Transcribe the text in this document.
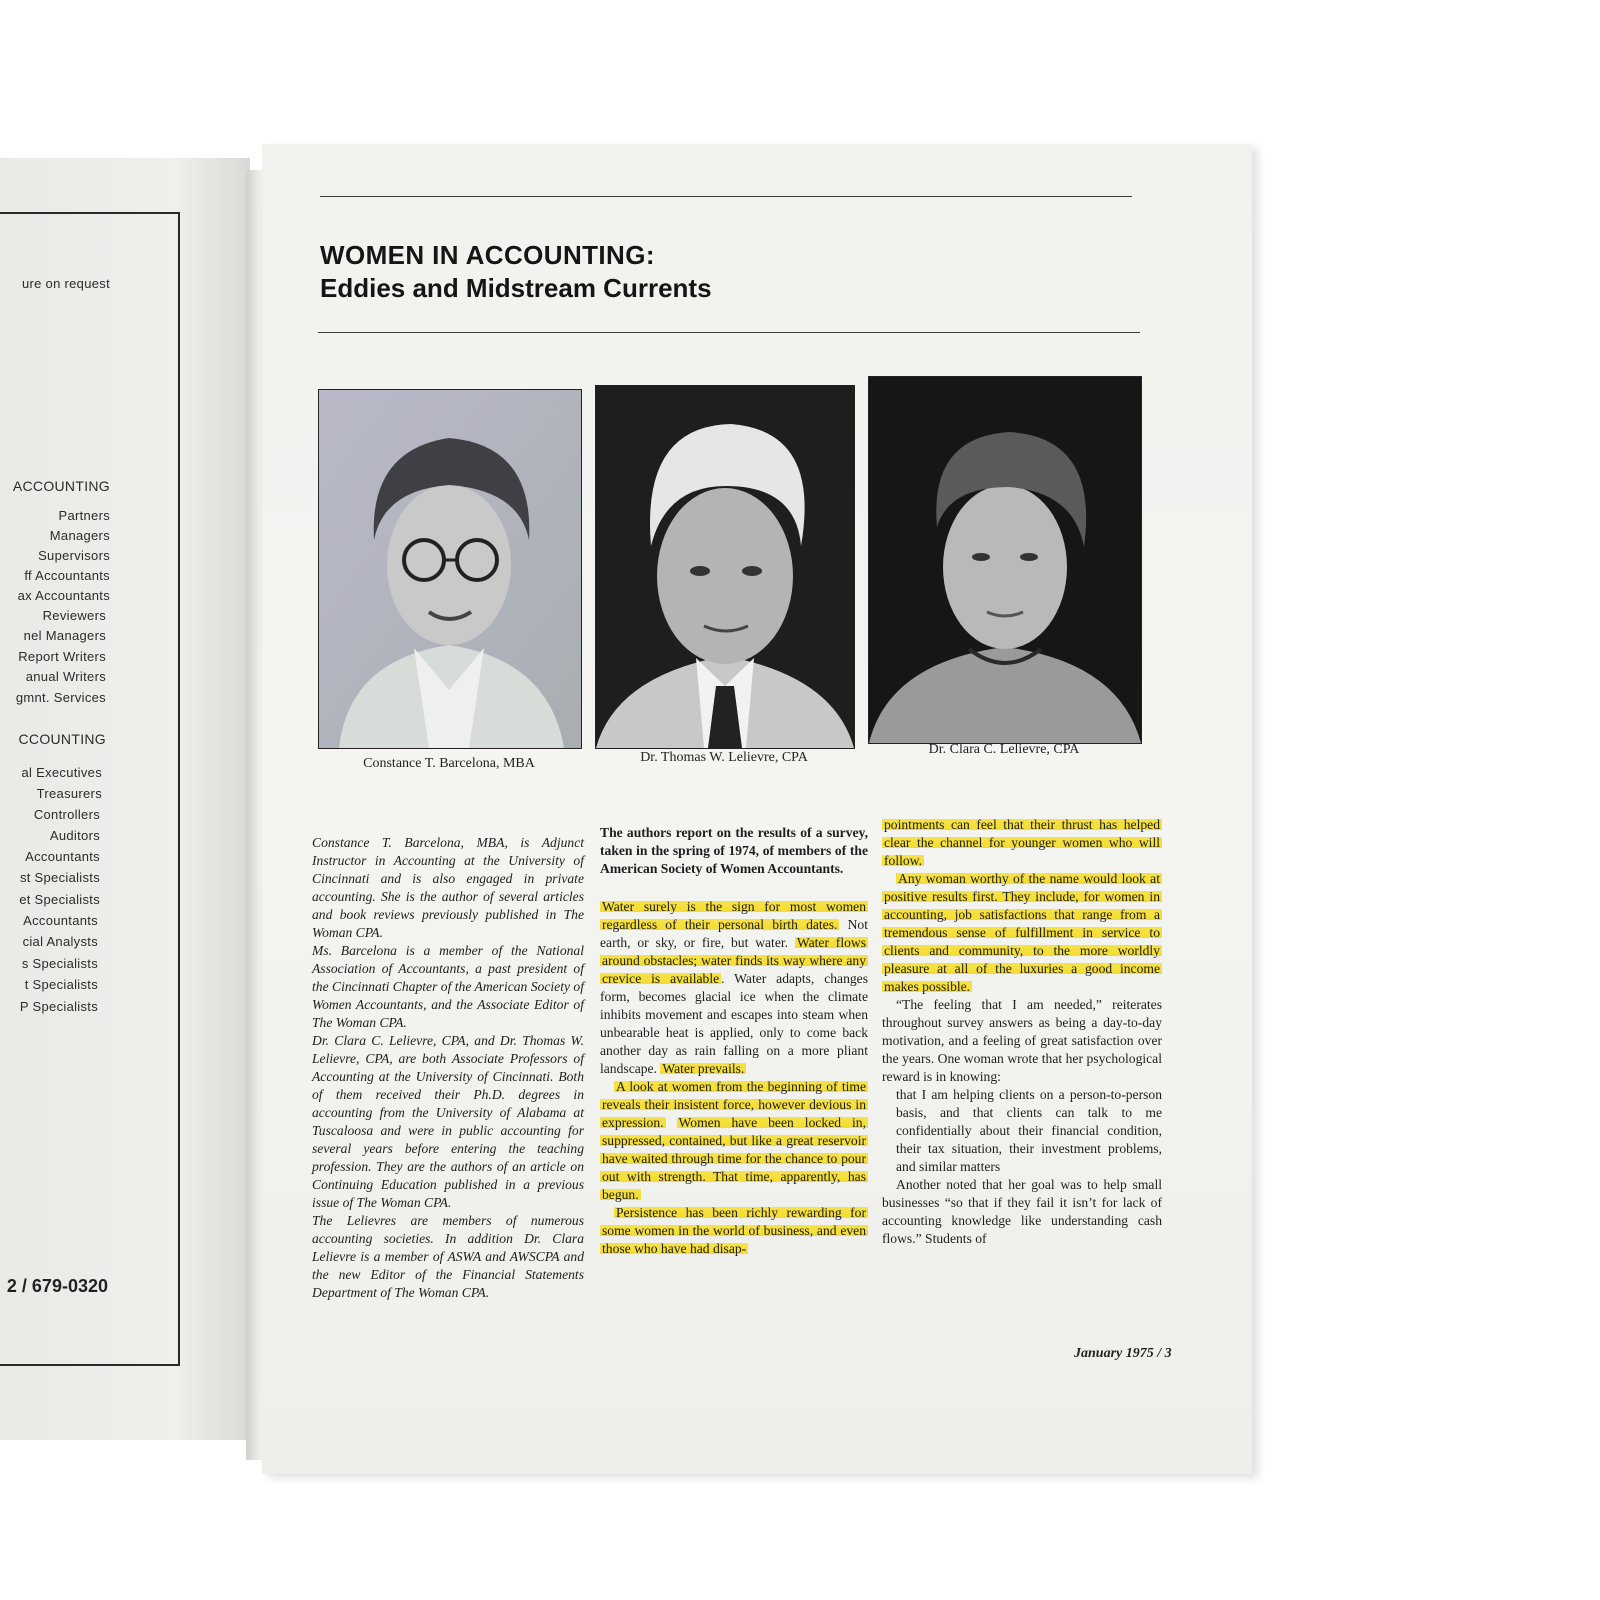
ure on request
ACCOUNTING
Partners
Managers
Supervisors
ff Accountants
ax Accountants
Reviewers
nel Managers
Report Writers
anual Writers
gmnt. Services
CCOUNTING
al Executives
Treasurers
Controllers
Auditors
Accountants
st Specialists
et Specialists
Accountants
cial Analysts
s Specialists
t Specialists
P Specialists
2 / 679-0320
WOMEN IN ACCOUNTING:
Eddies and Midstream Currents
Constance T. Barcelona, MBA	Dr. Thomas W. Lelievre, CPA
Dr. Clara C. Lelievre, CPA

Constance T. Barcelona, MBA, is Adjunct Instructor in Accounting at the University of Cincinnati and is also engaged in private accounting. She is the author of several articles and book reviews previously published in The Woman CPA.

Ms. Barcelona is a member of the National Association of Accountants, a past president of the Cincinnati Chapter of the American Society of Women Accountants, and the Associate Editor of The Woman CPA.

Dr. Clara C. Lelievre, CPA, and Dr. Thomas W. Lelievre, CPA, are both Associate Professors of Accounting at the University of Cincinnati. Both of them received their Ph.D. degrees in accounting from the University of Alabama at Tuscaloosa and were in public accounting for several years before entering the teaching profession. They are the authors of an article on Continuing Education published in a previous issue of The Woman CPA.

The Lelievres are members of numerous accounting societies. In addition Dr. Clara Lelievre is a member of ASWA and AWSCPA and the new Editor of the Financial Statements Department of The Woman CPA.

The authors report on the results of a survey, taken in the spring of 1974, of members of the American Society of Women Accountants.

Water surely is the sign for most women regardless of their personal birth dates. Not earth, or sky, or fire, but water. Water flows around obstacles; water finds its way where any crevice is available . Water adapts, changes form, becomes glacial ice when the climate inhibits movement and escapes into steam when unbearable heat is applied, only to come back another day as rain falling on a more pliant landscape. Water prevails.

A look at women from the beginning of time reveals their insistent force, however devious in expression. Women have been locked in, suppressed, contained, but like a great reservoir have waited through time for the chance to pour out with strength. That time, apparently, has begun.

Persistence has been richly rewarding for some women in the world of business, and even those who have had disap-

pointments can feel that their thrust has helped clear the channel for younger women who will follow.

Any woman worthy of the name would look at positive results first. They include, for women in accounting, job satisfactions that range from a tremendous sense of fulfillment in service to clients and community, to the more worldly pleasure at all of the luxuries a good income makes possible.

“The feeling that I am needed,” reiterates throughout survey answers as being a day-to-day motivation, and a feeling of great satisfaction over the years. One woman wrote that her psychological reward is in knowing:

that I am helping clients on a person-to-person basis, and that clients can talk to me confidentially about their financial condition, their tax situation, their investment problems, and similar matters

Another noted that her goal was to help small businesses “so that if they fail it isn’t for lack of accounting knowledge like understanding cash flows.” Students of

January 1975 / 3
